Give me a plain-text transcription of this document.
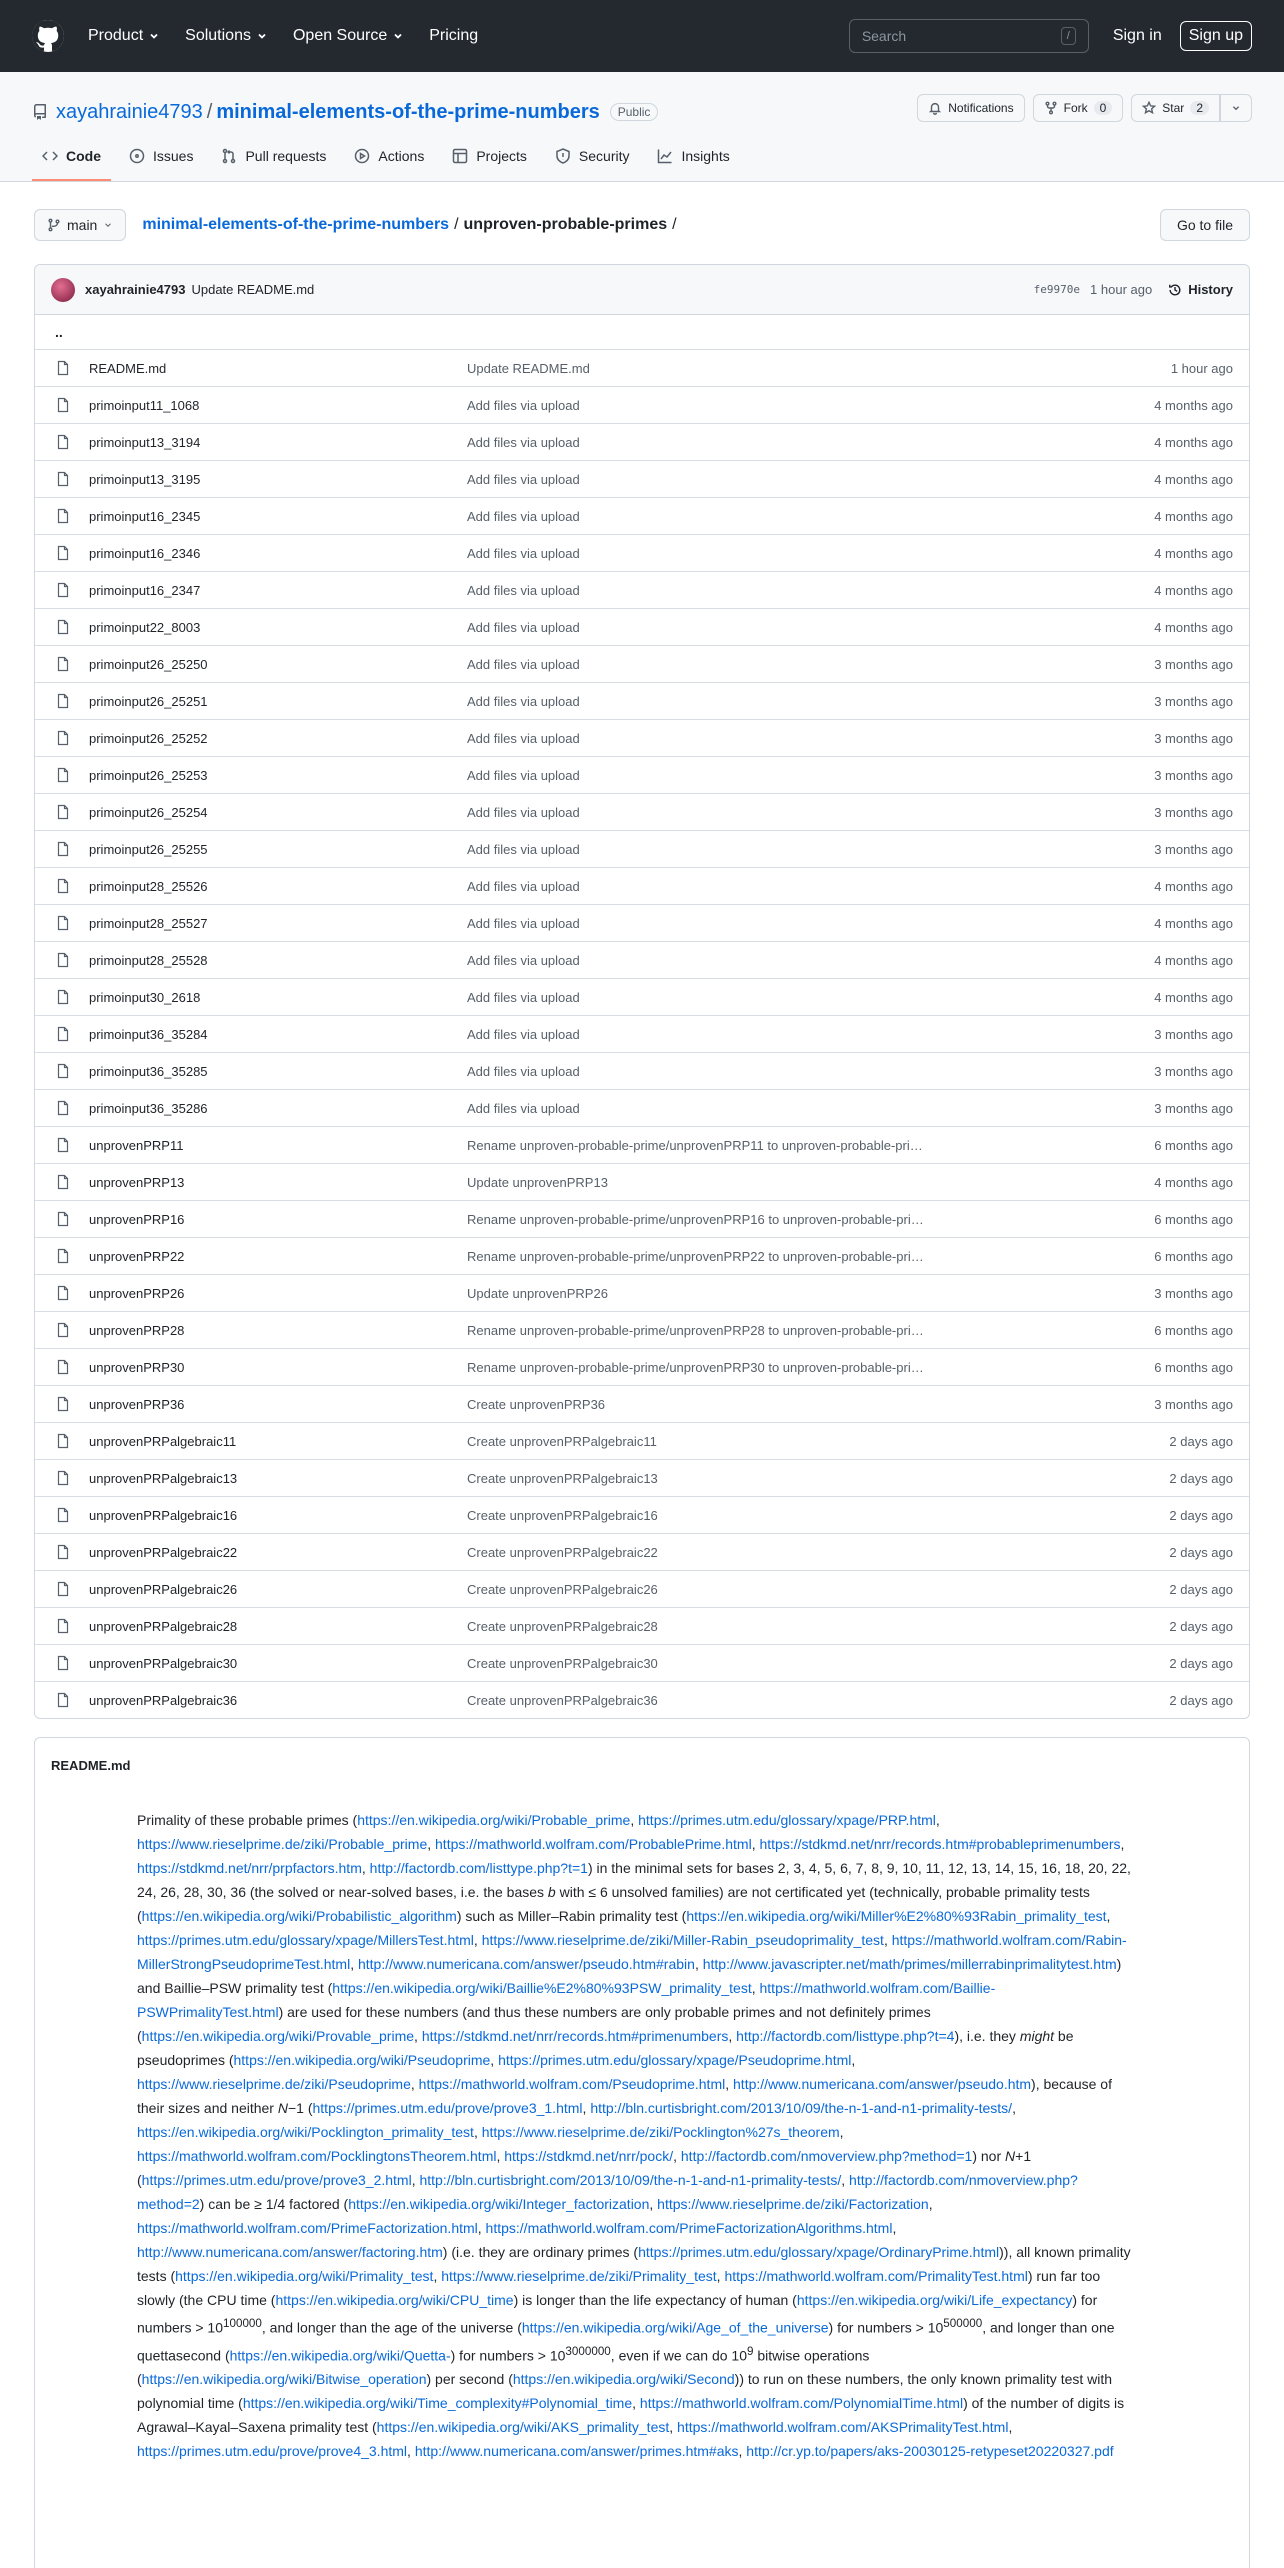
Product	Solutions	Open Source	Pricing	Search	/	Sign in	Sign up
xayahrainie4793 / minimal-elements-of-the-prime-numbers	Public	Notifications	Fork	0	Star	2
Code	Issues	Pull requests	Actions	Projects	Security	Insights
main	minimal-elements-of-the-prime-numbers / unproven-probable-primes /	Go to file
xayahrainie4793 Update README.md	fe9970e 1 hour ago	History
..
README.md	Update README.md	1 hour ago
primoinput11_1068	Add files via upload	4 months ago
primoinput13_3194	Add files via upload	4 months ago
primoinput13_3195	Add files via upload	4 months ago
primoinput16_2345	Add files via upload	4 months ago
primoinput16_2346	Add files via upload	4 months ago
primoinput16_2347	Add files via upload	4 months ago
primoinput22_8003	Add files via upload	4 months ago
primoinput26_25250	Add files via upload	3 months ago
primoinput26_25251	Add files via upload	3 months ago
primoinput26_25252	Add files via upload	3 months ago
primoinput26_25253	Add files via upload	3 months ago
primoinput26_25254	Add files via upload	3 months ago
primoinput26_25255	Add files via upload	3 months ago
primoinput28_25526	Add files via upload	4 months ago
primoinput28_25527	Add files via upload	4 months ago
primoinput28_25528	Add files via upload	4 months ago
primoinput30_2618	Add files via upload	4 months ago
primoinput36_35284	Add files via upload	3 months ago
primoinput36_35285	Add files via upload	3 months ago
primoinput36_35286	Add files via upload	3 months ago
unprovenPRP11	Rename unproven-probable-prime/unprovenPRP11 to unproven-probable-pri…	6 months ago
unprovenPRP13	Update unprovenPRP13	4 months ago
unprovenPRP16	Rename unproven-probable-prime/unprovenPRP16 to unproven-probable-pri…	6 months ago
unprovenPRP22	Rename unproven-probable-prime/unprovenPRP22 to unproven-probable-pri…	6 months ago
unprovenPRP26	Update unprovenPRP26	3 months ago
unprovenPRP28	Rename unproven-probable-prime/unprovenPRP28 to unproven-probable-pri…	6 months ago
unprovenPRP30	Rename unproven-probable-prime/unprovenPRP30 to unproven-probable-pri…	6 months ago
unprovenPRP36	Create unprovenPRP36	3 months ago
unprovenPRPalgebraic11	Create unprovenPRPalgebraic11	2 days ago
unprovenPRPalgebraic13	Create unprovenPRPalgebraic13	2 days ago
unprovenPRPalgebraic16	Create unprovenPRPalgebraic16	2 days ago
unprovenPRPalgebraic22	Create unprovenPRPalgebraic22	2 days ago
unprovenPRPalgebraic26	Create unprovenPRPalgebraic26	2 days ago
unprovenPRPalgebraic28	Create unprovenPRPalgebraic28	2 days ago
unprovenPRPalgebraic30	Create unprovenPRPalgebraic30	2 days ago
unprovenPRPalgebraic36	Create unprovenPRPalgebraic36	2 days ago
README.md

Primality of these probable primes (https://en.wikipedia.org/wiki/Probable_prime, https://primes.utm.edu/glossary/xpage/PRP.html, https://www.rieselprime.de/ziki/Probable_prime, https://mathworld.wolfram.com/ProbablePrime.html, https://stdkmd.net/nrr/records.htm#probableprimenumbers, https://stdkmd.net/nrr/prpfactors.htm, http://factordb.com/listtype.php?t=1) in the minimal sets for bases 2, 3, 4, 5, 6, 7, 8, 9, 10, 11, 12, 13, 14, 15, 16, 18, 20, 22, 24, 26, 28, 30, 36 (the solved or near-solved bases, i.e. the bases b with ≤ 6 unsolved families) are not certificated yet (technically, probable primality tests (https://en.wikipedia.org/wiki/Probabilistic_algorithm) such as Miller–Rabin primality test (https://en.wikipedia.org/wiki/Miller%E2%80%93Rabin_primality_test, https://primes.utm.edu/glossary/xpage/MillersTest.html, https://www.rieselprime.de/ziki/Miller-Rabin_pseudoprimality_test, https://mathworld.wolfram.com/Rabin-MillerStrongPseudoprimeTest.html, http://www.numericana.com/answer/pseudo.htm#rabin, http://www.javascripter.net/math/primes/millerrabinprimalitytest.htm) and Baillie–PSW primality test (https://en.wikipedia.org/wiki/Baillie%E2%80%93PSW_primality_test, https://mathworld.wolfram.com/Baillie-PSWPrimalityTest.html) are used for these numbers (and thus these numbers are only probable primes and not definitely primes (https://en.wikipedia.org/wiki/Provable_prime, https://stdkmd.net/nrr/records.htm#primenumbers, http://factordb.com/listtype.php?t=4), i.e. they might be pseudoprimes (https://en.wikipedia.org/wiki/Pseudoprime, https://primes.utm.edu/glossary/xpage/Pseudoprime.html, https://www.rieselprime.de/ziki/Pseudoprime, https://mathworld.wolfram.com/Pseudoprime.html, http://www.numericana.com/answer/pseudo.htm), because of their sizes and neither N−1 (https://primes.utm.edu/prove/prove3_1.html, http://bln.curtisbright.com/2013/10/09/the-n-1-and-n1-primality-tests/, https://en.wikipedia.org/wiki/Pocklington_primality_test, https://www.rieselprime.de/ziki/Pocklington%27s_theorem, https://mathworld.wolfram.com/PocklingtonsTheorem.html, https://stdkmd.net/nrr/pock/, http://factordb.com/nmoverview.php?method=1) nor N+1 (https://primes.utm.edu/prove/prove3_2.html, http://bln.curtisbright.com/2013/10/09/the-n-1-and-n1-primality-tests/, http://factordb.com/nmoverview.php?method=2) can be ≥ 1/4 factored (https://en.wikipedia.org/wiki/Integer_factorization, https://www.rieselprime.de/ziki/Factorization, https://mathworld.wolfram.com/PrimeFactorization.html, https://mathworld.wolfram.com/PrimeFactorizationAlgorithms.html, http://www.numericana.com/answer/factoring.htm) (i.e. they are ordinary primes (https://primes.utm.edu/glossary/xpage/OrdinaryPrime.html)), all known primality tests (https://en.wikipedia.org/wiki/Primality_test, https://www.rieselprime.de/ziki/Primality_test, https://mathworld.wolfram.com/PrimalityTest.html) run far too slowly (the CPU time (https://en.wikipedia.org/wiki/CPU_time) is longer than the life expectancy of human (https://en.wikipedia.org/wiki/Life_expectancy) for numbers > $10^{100000}$, and longer than the age of the universe (https://en.wikipedia.org/wiki/Age_of_the_universe) for numbers > $10^{500000}$, and longer than one quettasecond (https://en.wikipedia.org/wiki/Quetta-) for numbers > $10^{3000000}$, even if we can do $10^9$ bitwise operations (https://en.wikipedia.org/wiki/Bitwise_operation) per second (https://en.wikipedia.org/wiki/Second)) to run on these numbers, the only known primality test with polynomial time (https://en.wikipedia.org/wiki/Time_complexity#Polynomial_time, https://mathworld.wolfram.com/PolynomialTime.html) of the number of digits is Agrawal–Kayal–Saxena primality test (https://en.wikipedia.org/wiki/AKS_primality_test, https://mathworld.wolfram.com/AKSPrimalityTest.html, https://primes.utm.edu/prove/prove4_3.html, http://www.numericana.com/answer/primes.htm#aks, http://cr.yp.to/papers/aks-20030125-retypeset20220327.pdf
